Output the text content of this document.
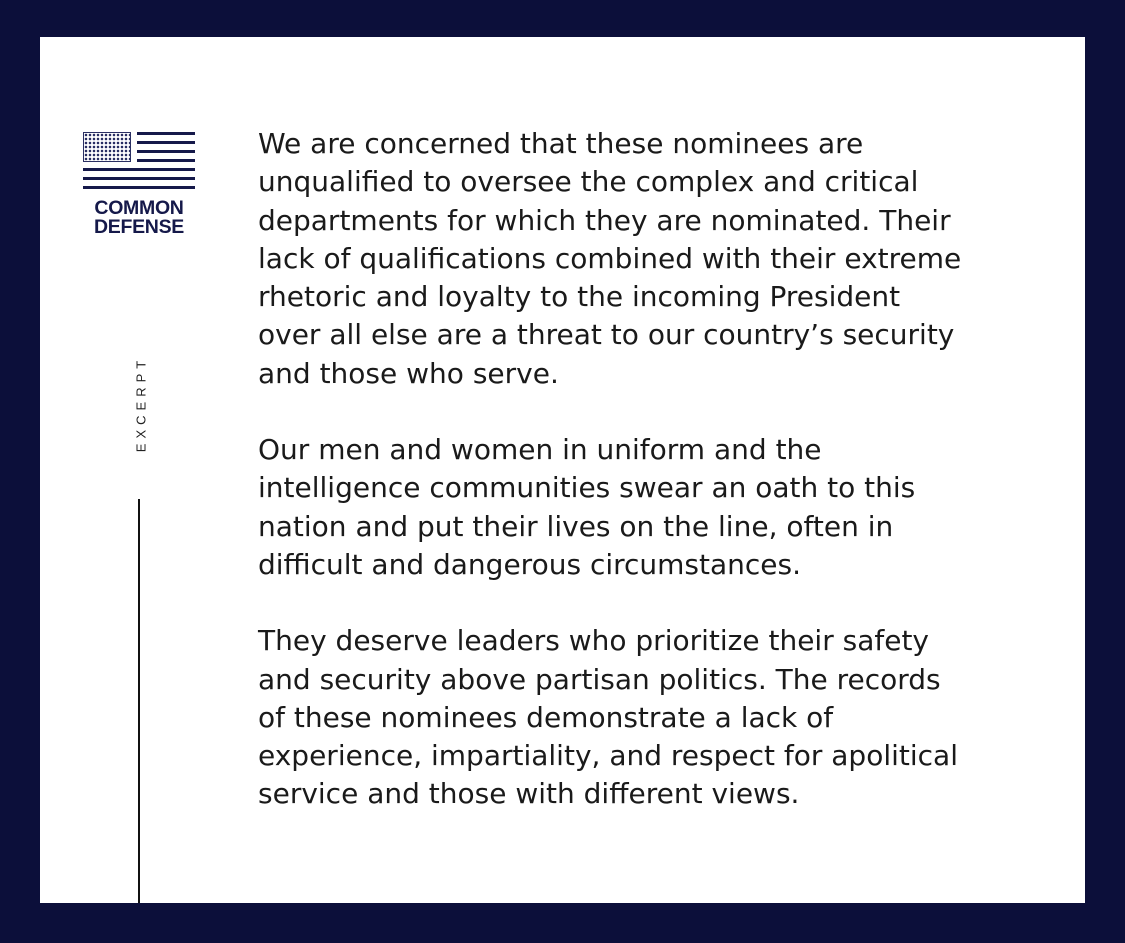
COMMON
DEFENSE
EXCERPT

We are concerned that these nominees are
unqualified to oversee the complex and critical
departments for which they are nominated. Their
lack of qualifications combined with their extreme
rhetoric and loyalty to the incoming President
over all else are a threat to our country’s security
and those who serve.

Our men and women in uniform and the
intelligence communities swear an oath to this
nation and put their lives on the line, often in
difficult and dangerous circumstances.

They deserve leaders who prioritize their safety
and security above partisan politics. The records
of these nominees demonstrate a lack of
experience, impartiality, and respect for apolitical
service and those with different views.
